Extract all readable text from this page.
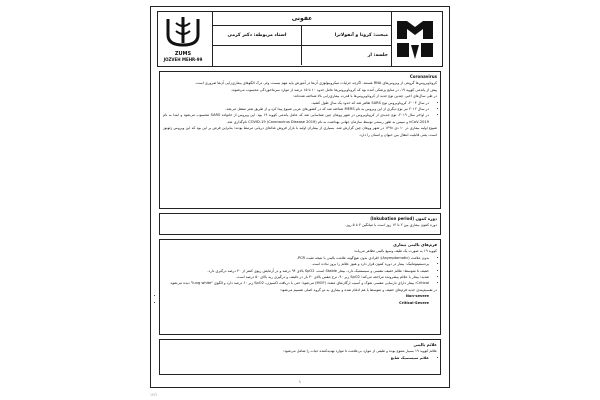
ZUMS
JOZVEH MEHR-99
عفونی
استاد مربوطه: دکتر کرمی	مبحث: کرونا و آنفولانزا
جلسه: از

Coronavirus

کروناویروس‌ها گروهی از ویروس‌های RNA هستند. اگرچه جزئیات میکروبیولوژی آن‌ها در آموزش پایه مهم نیست، ولی درک الگوهای بیماری‌زایی آن‌ها ضروری است.

پیش از پاندمی کووید ۱۹، در منابع پزشکی آمده بود که کروناویروس‌ها عامل حدود ۱۰ تا ۱۵ درصد از موارد سرماخوردگی محسوب می‌شوند.

در طی سال‌های اخیر، چندین نوع جدید از کروناویروس‌ها با قدرت بیماری‌زایی بالا شناخته شده‌اند:

• در سال ۲۰۰۳، کروناویروس نوع SARS ظاهر شد که حدود یک سال طول کشید.
• در سال ۲۰۱۲ نیز نوع دیگری از این ویروس به نام MERS شناخته شد که در کشورهای عربی شیوع پیدا کرد و از طریق شتر منتقل می‌شد.
• در اواخر سال ۲۰۱۹، نوع جدیدی از کروناویروس در شهر ووهان چین شناسایی شد که عامل پاندمی کووید ۱۹ بود. این ویروس از خانواده SARS محسوب می‌شود و ابتدا به نام 2019-nCoV و سپس به طور رسمی توسط سازمان جهانی بهداشت به نام COVID-19 (Coronavirus Disease 2019) نام‌گذاری شد.

شیوع اولیه بیماری در ۱۰ دی ۱۳۹۸ در شهر ووهان چین گزارش شد. بسیاری از بیماران اولیه با بازار فروش غذاهای دریایی مرتبط بودند؛ بنابراین فرض بر این بود که این ویروس زئونوز است، یعنی قابلیت انتقال بین حیوان و انسان را دارد.

دوره کمون (Inkubation period)

دوره کمون بیماری بین ۲ تا ۱۴ روز است با میانگین ۴ تا ۵ روز.

فرم‌های بالینی بیماری

کووید ۱۹ به صورت یک طیف وسیع بالینی تظاهر می‌یابد:

• بدون علامت (Asymptomatic): افرادی بدون هیچ‌گونه علامت بالینی با نتیجه مثبت PCR.
• پره‌سمپتوماتیک: بیمار در دوره کمون قرار دارد و هنوز علائم را بروز نداده است.
• خفیف تا متوسط: علائم خفیف تنفسی و سیستمیک دارد. بیمار Stable است، SpO2 بالای ۹۴ درصد و در آزمایش ریوی کمتر از ۳۰ درصد درگیری دارد.
• شدید: بیمار با علائم پیشرونده مراجعه می‌کند؛ SpO2 زیر ۹۰، نرخ تنفس بالای ۳۰ بار در دقیقه، و درگیری ریه بالای ۵۰ درصد است.
• Critical: بیمار دارای نارسایی تنفسی شوک و آسیب ارگان‌های متعدد (MOF) می‌شود؛ حتی با دریافت اکسیژن، SpO2 زیر ۶۰ درصد دارد و الگوی "lung white" دیده می‌شود.

در تقسیم‌بندی جدید فرم‌های خفیف و متوسط با هم ادغام شده و بیماری به دو گروه اصلی تقسیم می‌شود:

• Non-severe
• Critical-Severe

علائم بالینی

علائم کووید ۱۹ بسیار متنوع بوده و طیفی از موارد بی‌علامت تا موارد تهدیدکننده حیات را شامل می‌شود:

• علائم سیستمیک شایع
۱
۱۴/۱
